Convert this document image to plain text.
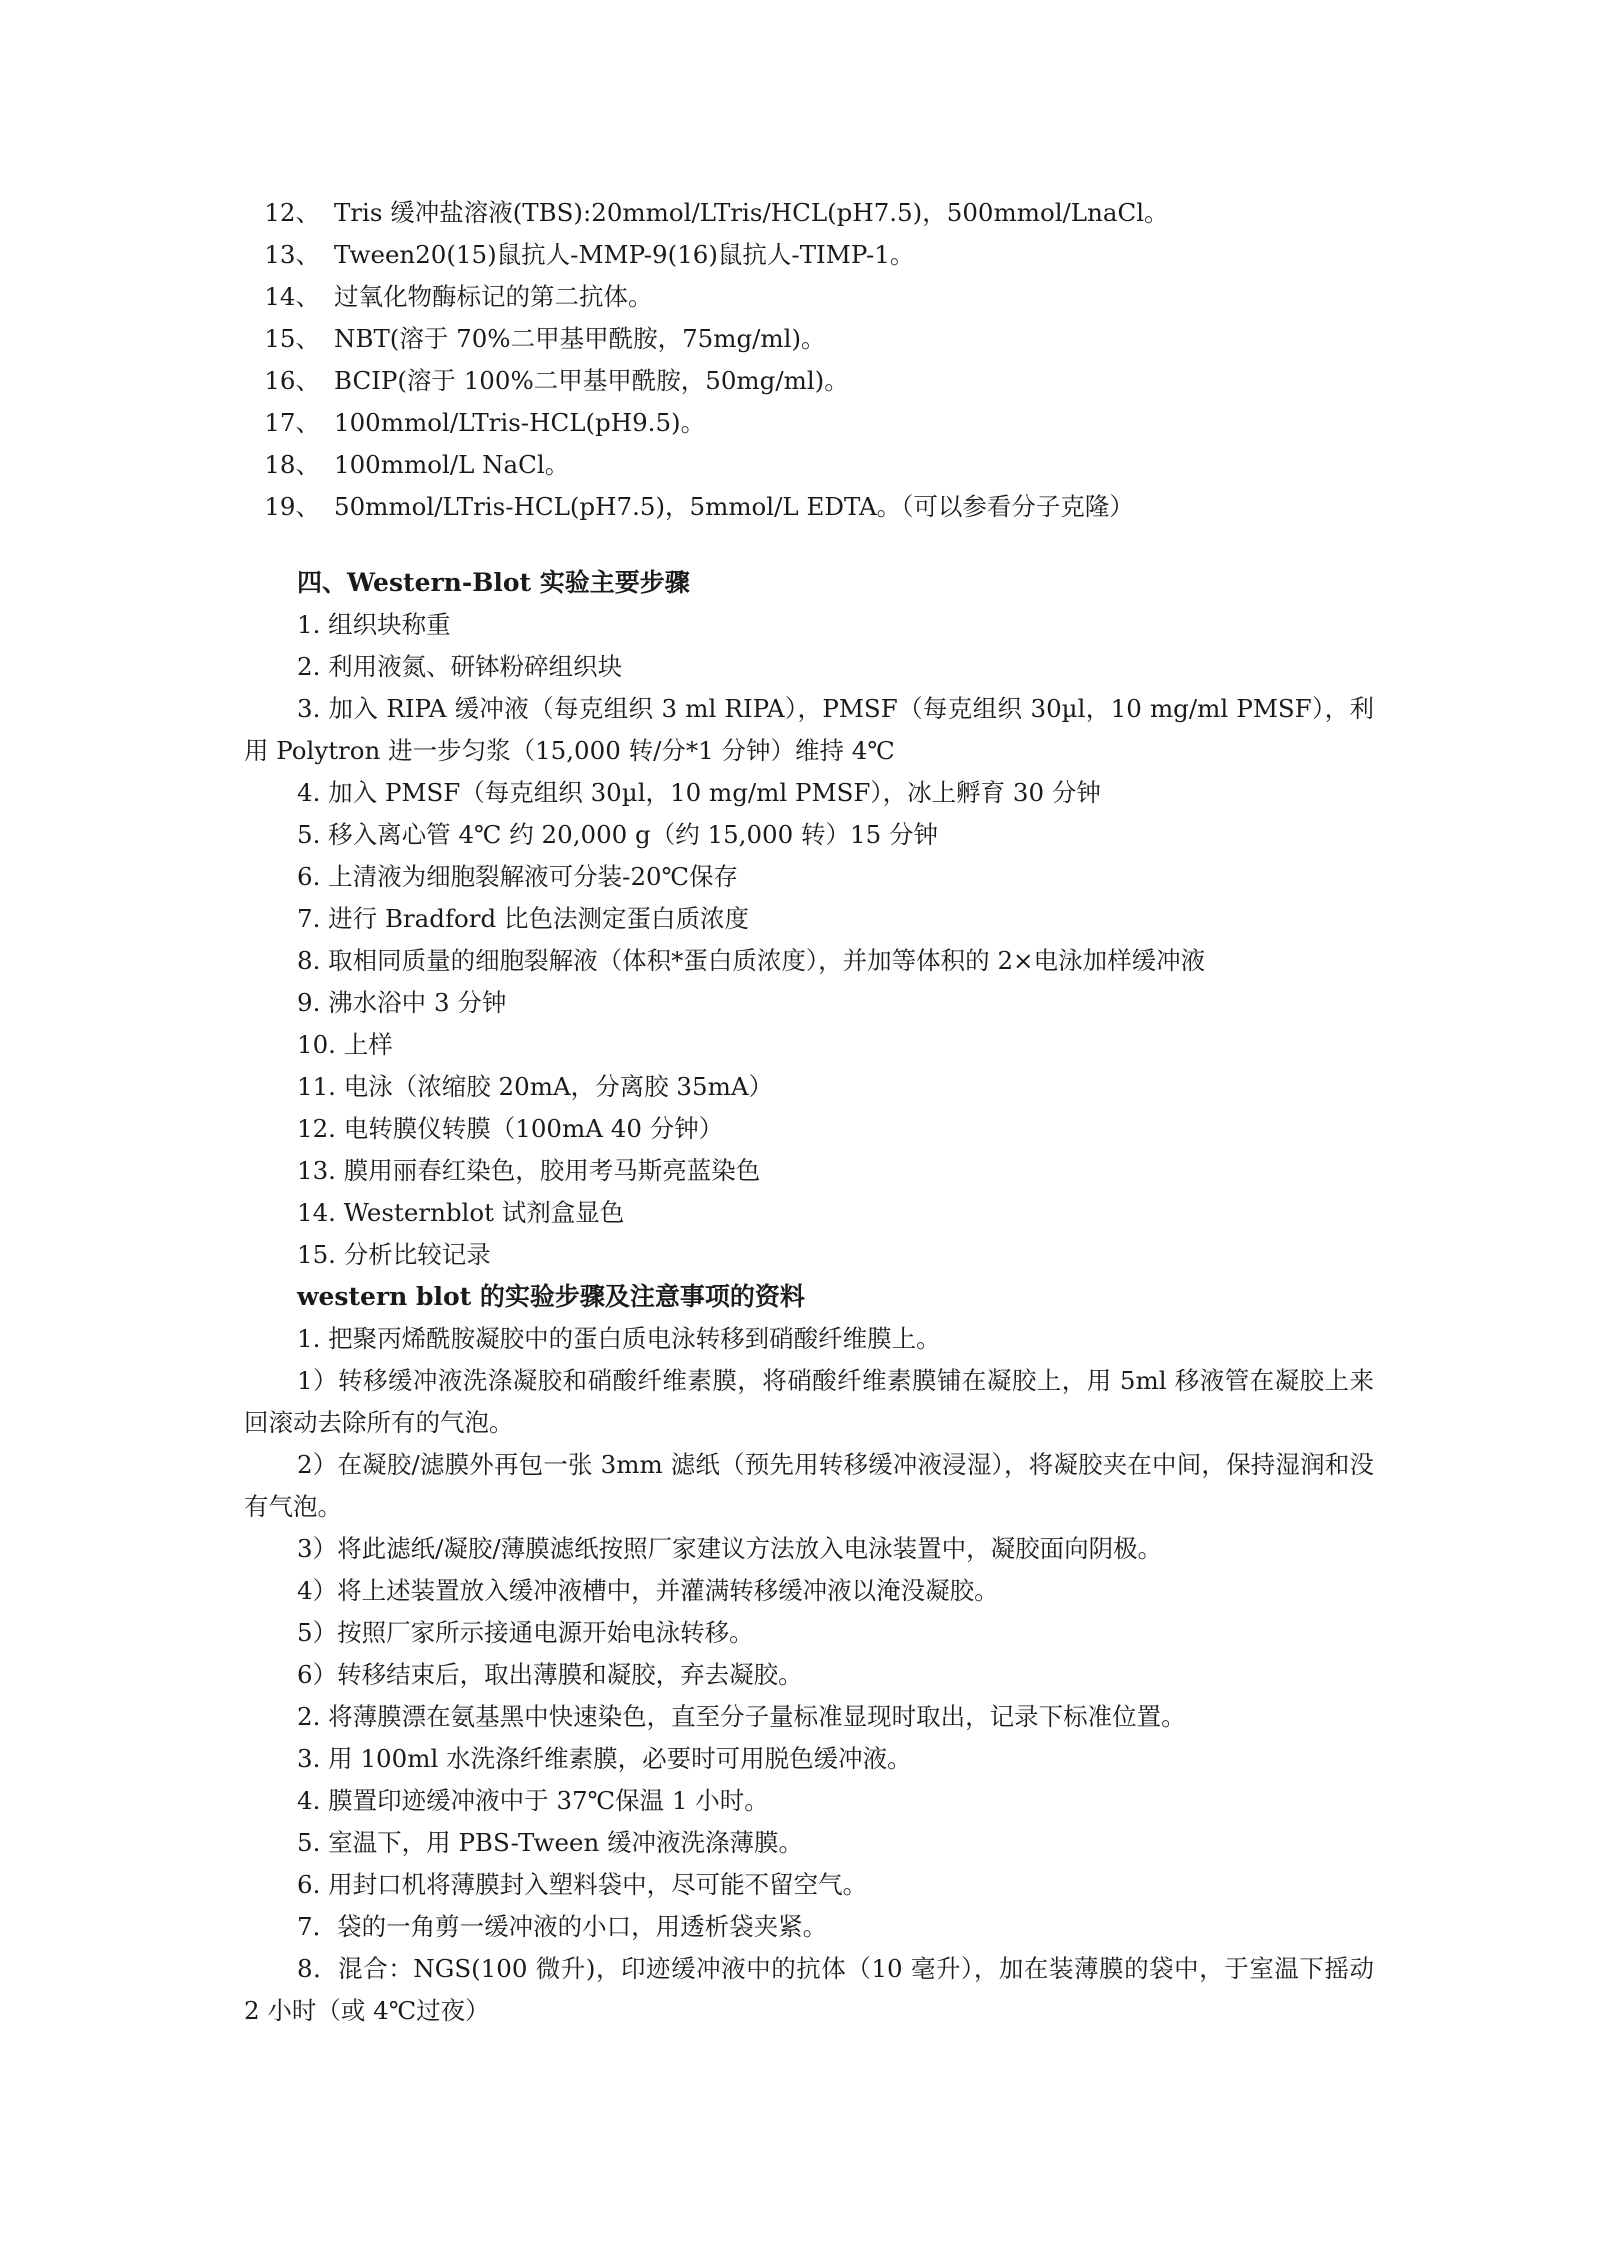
12、 Tris 缓冲盐溶液(TBS):20mmol/LTris/HCL(pH7.5)，500mmol/LnaCl。
13、 Tween20(15)鼠抗人-MMP-9(16)鼠抗人-TIMP-1。
14、 过氧化物酶标记的第二抗体。
15、 NBT(溶于 70%二甲基甲酰胺，75mg/ml)。
16、 BCIP(溶于 100%二甲基甲酰胺，50mg/ml)。
17、 100mmol/LTris-HCL(pH9.5)。
18、 100mmol/L NaCl。
19、 50mmol/LTris-HCL(pH7.5)，5mmol/L EDTA。（可以参看分子克隆）
四、Western-Blot 实验主要步骤
1. 组织块称重
2. 利用液氮、研钵粉碎组织块
3. 加入 RIPA 缓冲液（每克组织 3 ml RIPA），PMSF（每克组织 30µl，10 mg/ml PMSF），利用 Polytron 进一步匀浆（15,000 转/分*1 分钟）维持 4℃
4. 加入 PMSF（每克组织 30µl，10 mg/ml PMSF），冰上孵育 30 分钟
5. 移入离心管 4℃ 约 20,000 g（约 15,000 转）15 分钟
6. 上清液为细胞裂解液可分装-20℃保存
7. 进行 Bradford 比色法测定蛋白质浓度
8. 取相同质量的细胞裂解液（体积*蛋白质浓度），并加等体积的 2×电泳加样缓冲液
9. 沸水浴中 3 分钟
10. 上样
11. 电泳（浓缩胶 20mA，分离胶 35mA）
12. 电转膜仪转膜（100mA 40 分钟）
13. 膜用丽春红染色，胶用考马斯亮蓝染色
14. Westernblot 试剂盒显色
15. 分析比较记录
western blot 的实验步骤及注意事项的资料
1. 把聚丙烯酰胺凝胶中的蛋白质电泳转移到硝酸纤维膜上。
1）转移缓冲液洗涤凝胶和硝酸纤维素膜，将硝酸纤维素膜铺在凝胶上，用 5ml 移液管在凝胶上来回滚动去除所有的气泡。
2）在凝胶/滤膜外再包一张 3mm 滤纸（预先用转移缓冲液浸湿），将凝胶夹在中间，保持湿润和没有气泡。
3）将此滤纸/凝胶/薄膜滤纸按照厂家建议方法放入电泳装置中，凝胶面向阴极。
4）将上述装置放入缓冲液槽中，并灌满转移缓冲液以淹没凝胶。
5）按照厂家所示接通电源开始电泳转移。
6）转移结束后，取出薄膜和凝胶，弃去凝胶。
2. 将薄膜漂在氨基黑中快速染色，直至分子量标准显现时取出，记录下标准位置。
3. 用 100ml 水洗涤纤维素膜，必要时可用脱色缓冲液。
4. 膜置印迹缓冲液中于 37℃保温 1 小时。
5. 室温下，用 PBS-Tween 缓冲液洗涤薄膜。
6. 用封口机将薄膜封入塑料袋中，尽可能不留空气。
7．袋的一角剪一缓冲液的小口，用透析袋夹紧。
8．混合：NGS(100 微升)，印迹缓冲液中的抗体（10 毫升），加在装薄膜的袋中，于室温下摇动 2 小时（或 4℃过夜）
